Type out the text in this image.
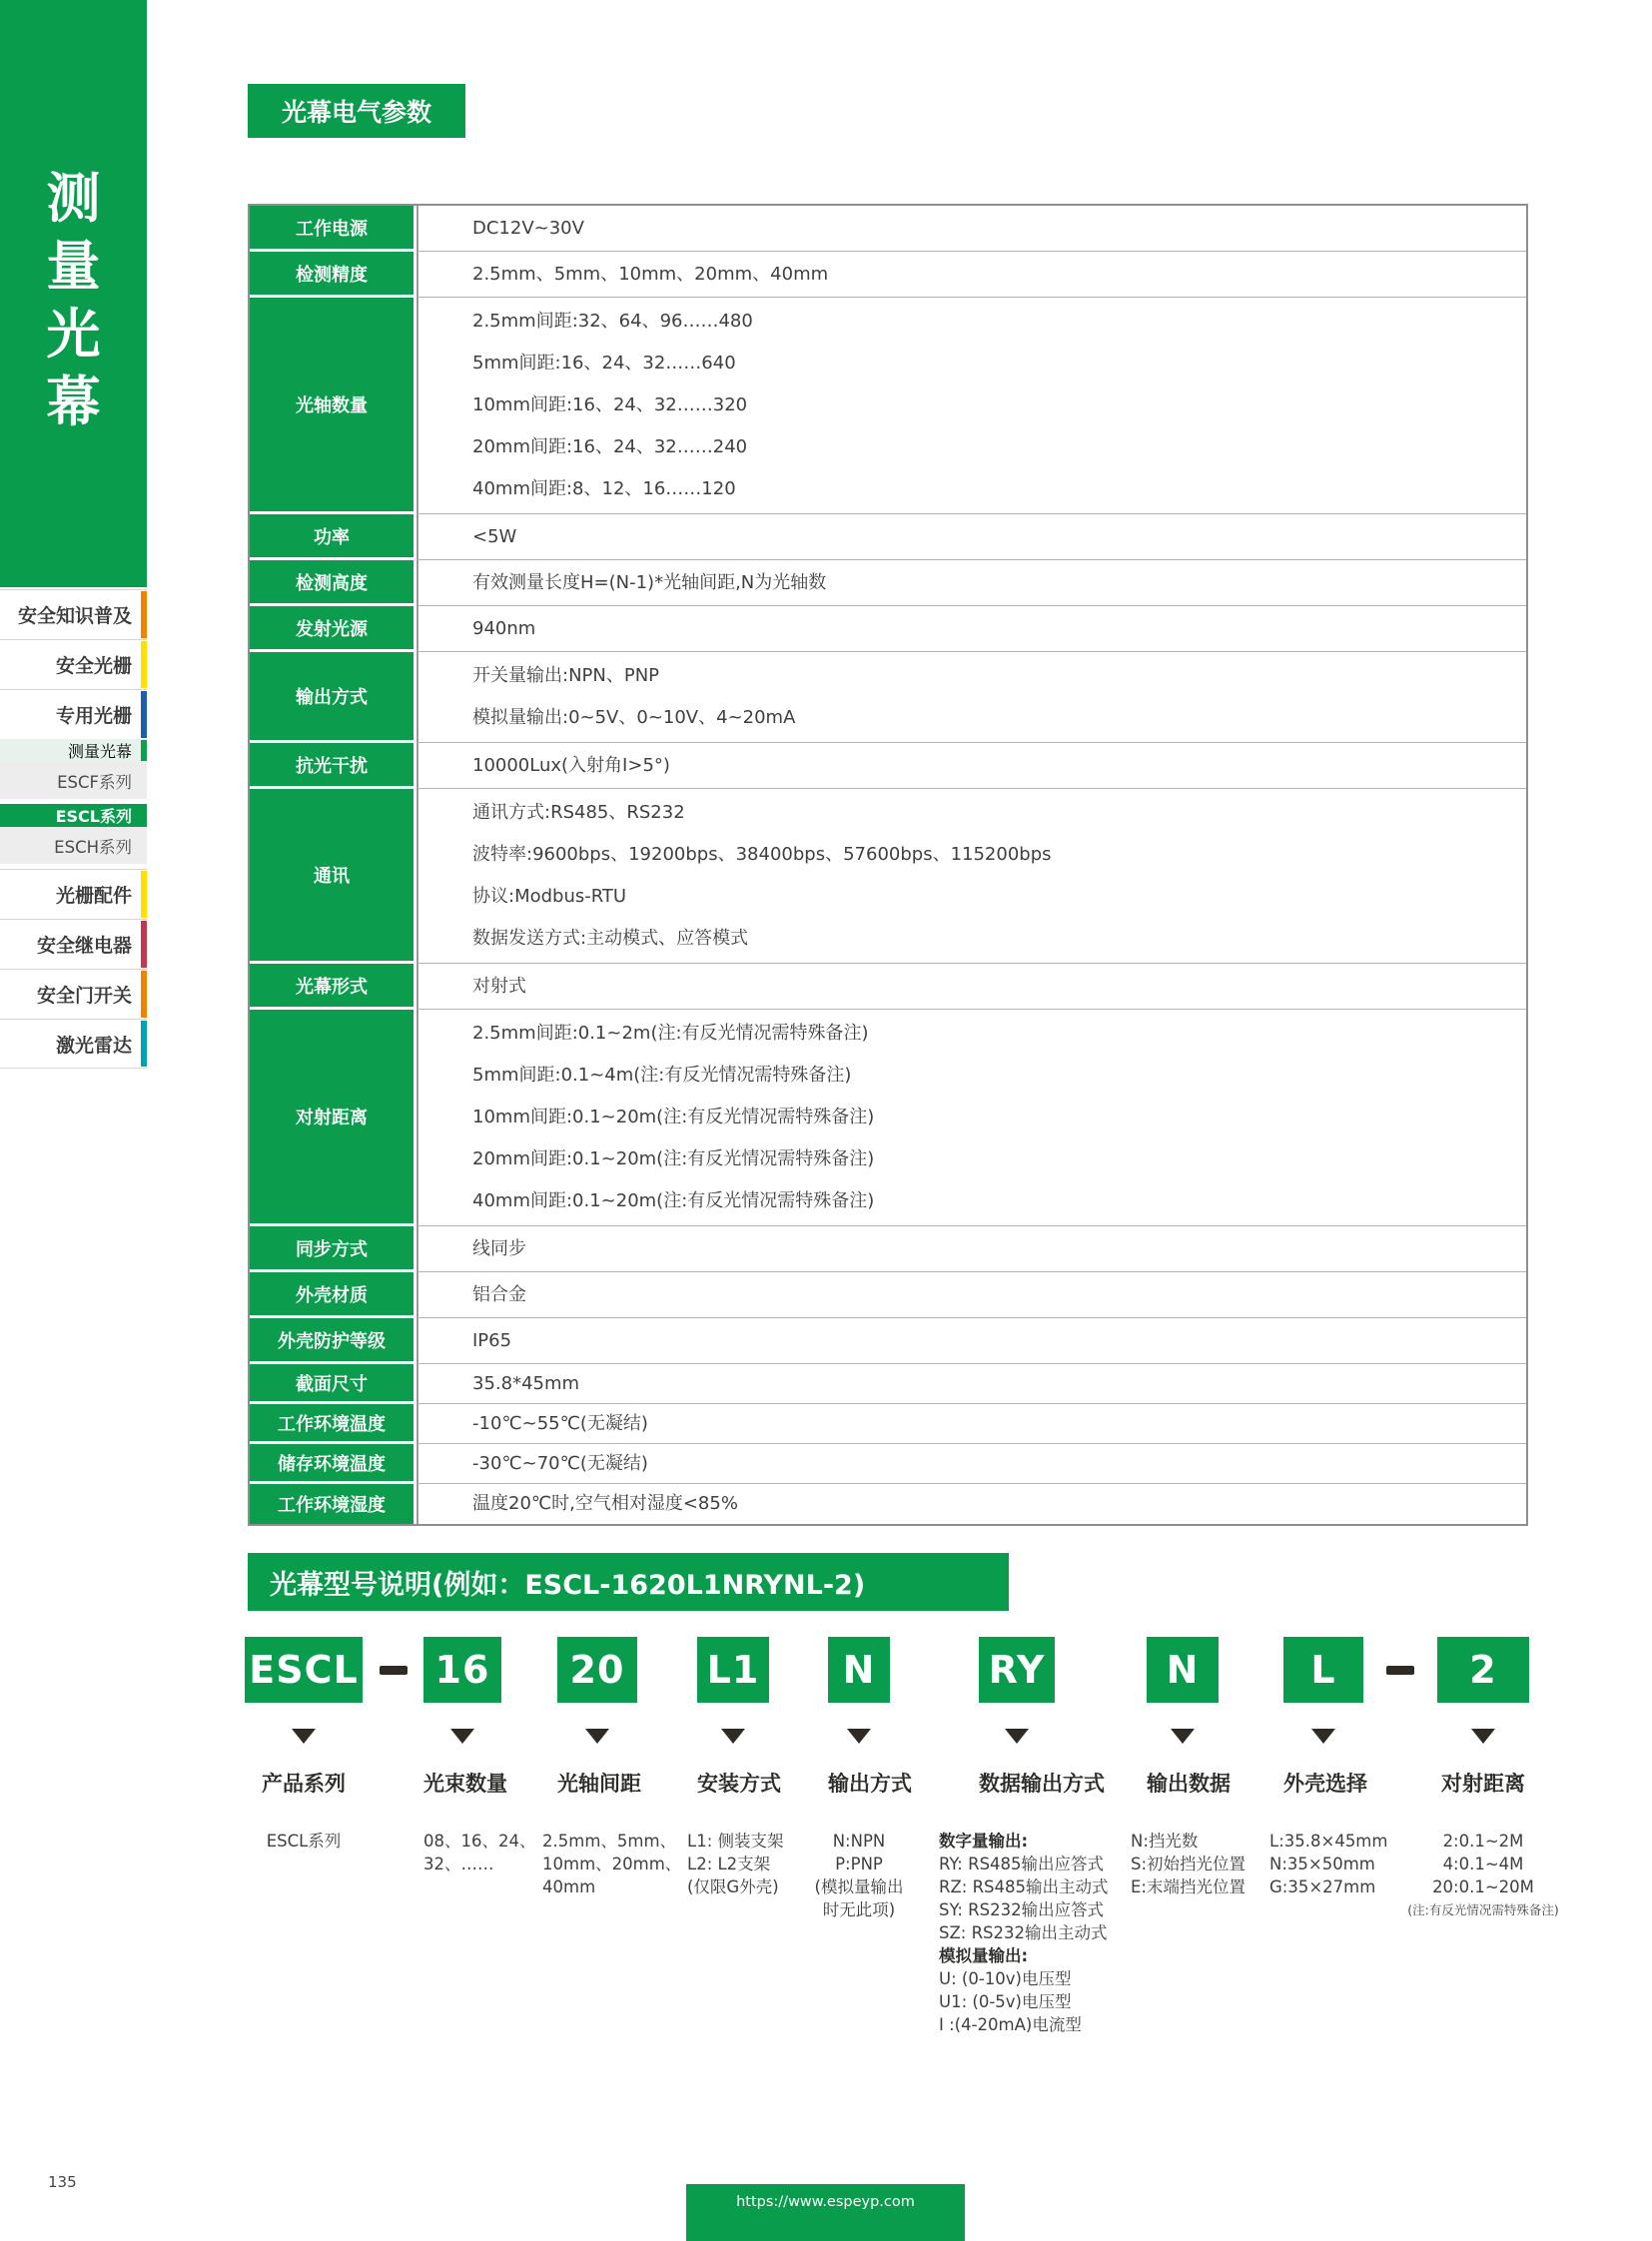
测
量
光
幕
安全知识普及
安全光栅
专用光栅
测量光幕
ESCF系列
ESCL系列
ESCH系列
光栅配件
安全继电器
安全门开关
激光雷达
光幕电气参数
工作电源	DC12V~30V
检测精度	2.5mm、5mm、10mm、20mm、40mm
光轴数量
2.5mm间距:32、64、96……480
5mm间距:16、24、32……640
10mm间距:16、24、32……320
20mm间距:16、24、32……240
40mm间距:8、12、16……120
功率	<5W
检测高度	有效测量长度H=(N-1)*光轴间距,N为光轴数
发射光源	940nm
输出方式
开关量输出:NPN、PNP
模拟量输出:0~5V、0~10V、4~20mA
抗光干扰	10000Lux(入射角I>5°)
通讯
通讯方式:RS485、RS232
波特率:9600bps、19200bps、38400bps、57600bps、115200bps
协议:Modbus-RTU
数据发送方式:主动模式、应答模式
光幕形式	对射式
对射距离
2.5mm间距:0.1~2m(注:有反光情况需特殊备注)
5mm间距:0.1~4m(注:有反光情况需特殊备注)
10mm间距:0.1~20m(注:有反光情况需特殊备注)
20mm间距:0.1~20m(注:有反光情况需特殊备注)
40mm间距:0.1~20m(注:有反光情况需特殊备注)
同步方式	线同步
外壳材质	铝合金
外壳防护等级	IP65
截面尺寸	35.8*45mm
工作环境温度	-10℃~55℃(无凝结)
储存环境温度	-30℃~70℃(无凝结)
工作环境湿度	温度20℃时,空气相对湿度<85%
光幕型号说明(例如：ESCL-1620L1NRYNL-2)
ESCL
产品系列
ESCL系列
16
光束数量
08、16、24、
32、……
20
光轴间距
2.5mm、5mm、
10mm、20mm、
40mm
L1
安装方式
L1: 侧装支架
L2: L2支架
(仅限G外壳)
N
输出方式
N:NPN
P:PNP
(模拟量输出
时无此项)
RY
数据输出方式
数字量输出:
RY: RS485输出应答式
RZ: RS485输出主动式
SY: RS232输出应答式
SZ: RS232输出主动式
模拟量输出:
U: (0-10v)电压型
U1: (0-5v)电压型
I :(4-20mA)电流型
N
输出数据
N:挡光数
S:初始挡光位置
E:末端挡光位置
L
外壳选择
L:35.8×45mm
N:35×50mm
G:35×27mm
2
对射距离
2:0.1~2M
4:0.1~4M
20:0.1~20M
(注:有反光情况需特殊备注)
135
https://www.espeyp.com
